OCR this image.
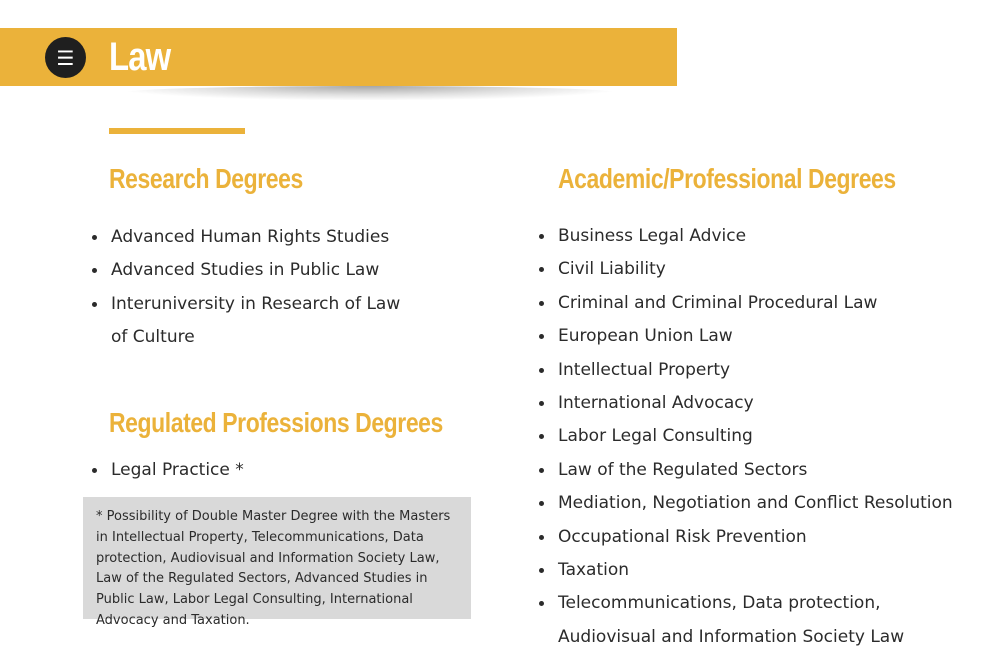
☰ Law
Research Degrees
Advanced Human Rights Studies
Advanced Studies in Public Law
Interuniversity in Research of Law of Culture
Regulated Professions Degrees
Legal Practice *
* Possibility of Double Master Degree with the Masters in Intellectual Property, Telecommunications, Data protection, Audiovisual and Information Society Law, Law of the Regulated Sectors, Advanced Studies in Public Law, Labor Legal Consulting, International Advocacy and Taxation.
Academic/Professional Degrees
Business Legal Advice
Civil Liability
Criminal and Criminal Procedural Law
European Union Law
Intellectual Property
International Advocacy
Labor Legal Consulting
Law of the Regulated Sectors
Mediation, Negotiation and Conflict Resolution
Occupational Risk Prevention
Taxation
Telecommunications, Data protection, Audiovisual and Information Society Law
